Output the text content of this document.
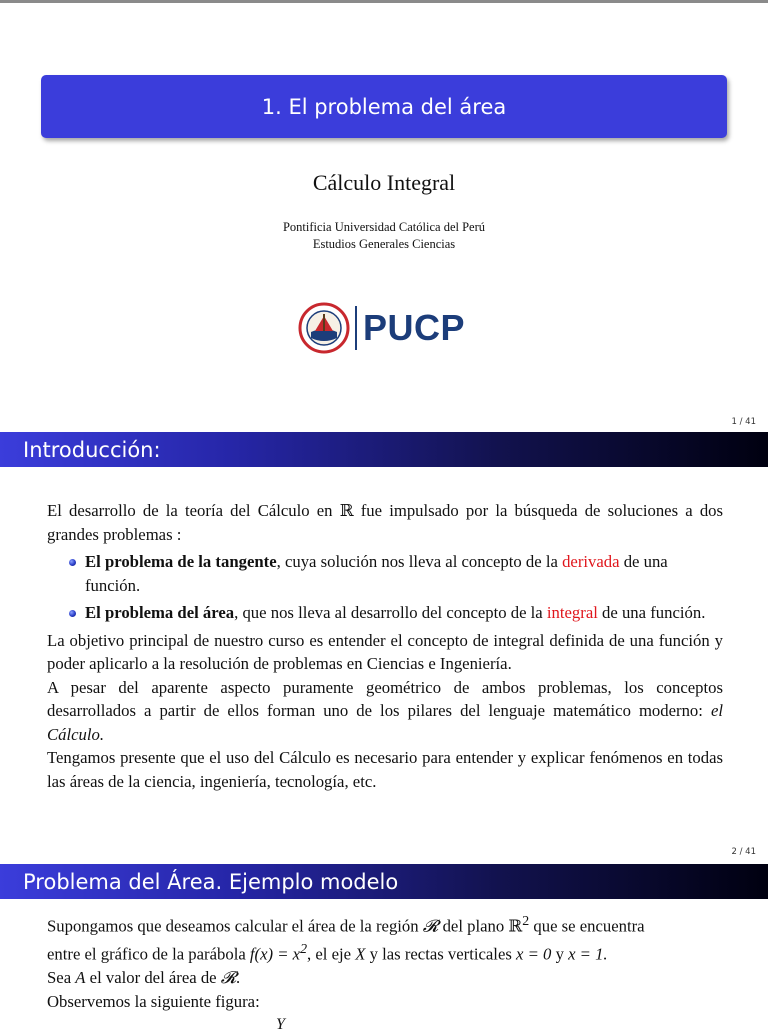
1. El problema del área
Cálculo Integral
Pontificia Universidad Católica del Perú
Estudios Generales Ciencias
PUCP
1 / 41
Introducción:

El desarrollo de la teoría del Cálculo en ℝ fue impulsado por la búsqueda de soluciones a dos grandes problemas :

El problema de la tangente, cuya solución nos lleva al concepto de la derivada de una función.
El problema del área, que nos lleva al desarrollo del concepto de la integral de una función.

La objetivo principal de nuestro curso es entender el concepto de integral definida de una función y poder aplicarlo a la resolución de problemas en Ciencias e Ingeniería.

A pesar del aparente aspecto puramente geométrico de ambos problemas, los conceptos desarrollados a partir de ellos forman uno de los pilares del lenguaje matemático moderno: el Cálculo.

Tengamos presente que el uso del Cálculo es necesario para entender y explicar fenómenos en todas las áreas de la ciencia, ingeniería, tecnología, etc.

2 / 41
Problema del Área. Ejemplo modelo

Supongamos que deseamos calcular el área de la región 𝓡 del plano ℝ$^2$ que se encuentra

entre el gráfico de la parábola $f(x) = x^2$, el eje X y las rectas verticales x = 0 y x = 1.

Sea A el valor del área de 𝓡.

Observemos la siguiente figura:

Y
